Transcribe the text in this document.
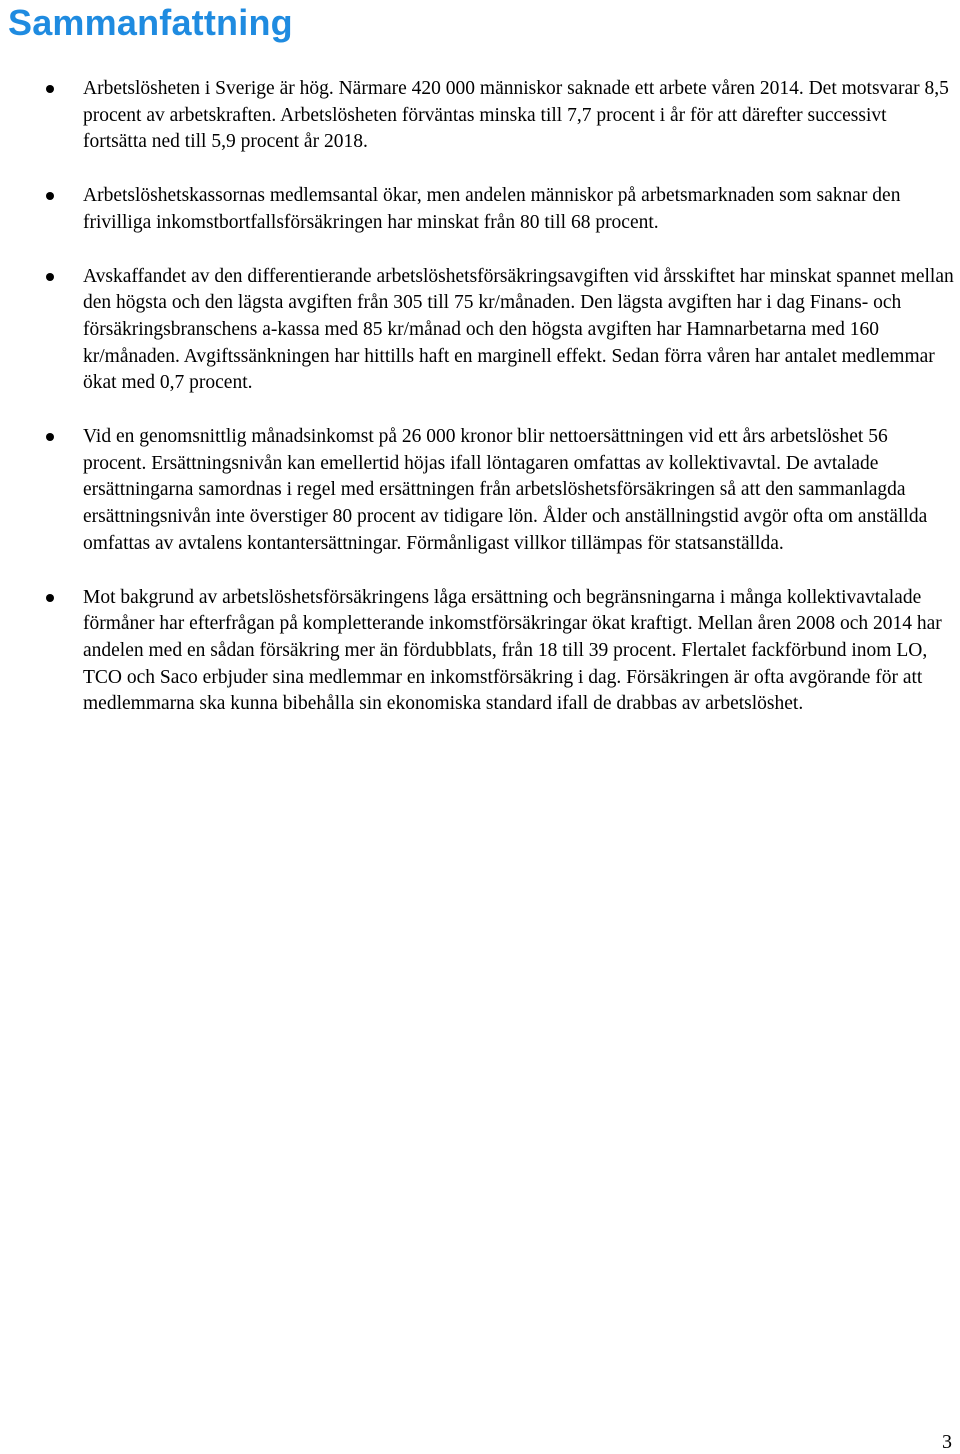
Sammanfattning
Arbetslösheten i Sverige är hög. Närmare 420 000 människor saknade ett arbete våren 2014. Det motsvarar 8,5 procent av arbetskraften. Arbetslösheten förväntas minska till 7,7 procent i år för att därefter successivt fortsätta ned till 5,9 procent år 2018.
Arbetslöshetskassornas medlemsantal ökar, men andelen människor på arbetsmarknaden som saknar den frivilliga inkomstbortfallsförsäkringen har minskat från 80 till 68 procent.
Avskaffandet av den differentierande arbetslöshetsförsäkringsavgiften vid årsskiftet har minskat spannet mellan den högsta och den lägsta avgiften från 305 till 75 kr/månaden. Den lägsta avgiften har i dag Finans- och försäkringsbranschens a-kassa med 85 kr/månad och den högsta avgiften har Hamnarbetarna med 160 kr/månaden. Avgiftssänkningen har hittills haft en marginell effekt. Sedan förra våren har antalet medlemmar ökat med 0,7 procent.
Vid en genomsnittlig månadsinkomst på 26 000 kronor blir nettoersättningen vid ett års arbetslöshet 56 procent. Ersättningsnivån kan emellertid höjas ifall löntagaren omfattas av kollektivavtal. De avtalade ersättningarna samordnas i regel med ersättningen från arbetslöshetsförsäkringen så att den sammanlagda ersättningsnivån inte överstiger 80 procent av tidigare lön. Ålder och anställningstid avgör ofta om anställda omfattas av avtalens kontantersättningar. Förmånligast villkor tillämpas för statsanställda.
Mot bakgrund av arbetslöshetsförsäkringens låga ersättning och begränsningarna i många kollektivavtalade förmåner har efterfrågan på kompletterande inkomstförsäkringar ökat kraftigt. Mellan åren 2008 och 2014 har andelen med en sådan försäkring mer än fördubblats, från 18 till 39 procent. Flertalet fackförbund inom LO, TCO och Saco erbjuder sina medlemmar en inkomstförsäkring i dag. Försäkringen är ofta avgörande för att medlemmarna ska kunna bibehålla sin ekonomiska standard ifall de drabbas av arbetslöshet.
3
